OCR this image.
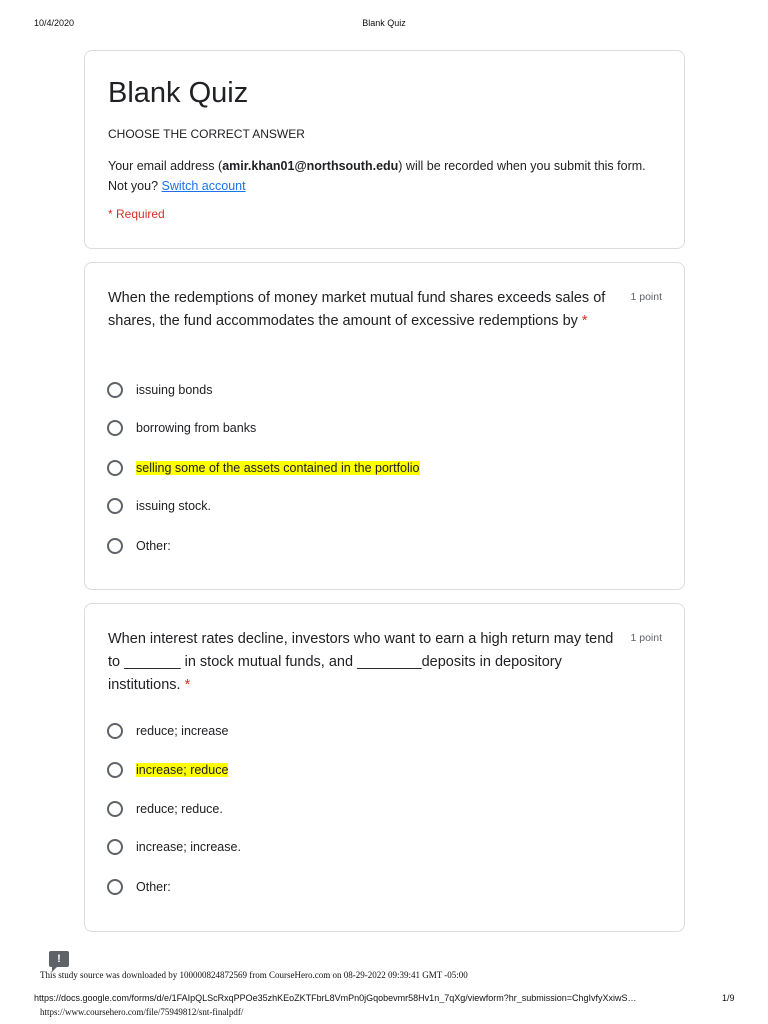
10/4/2020	Blank Quiz
Blank Quiz
CHOOSE THE CORRECT ANSWER
Your email address (amir.khan01@northsouth.edu) will be recorded when you submit this form. Not you? Switch account
* Required
When the redemptions of money market mutual fund shares exceeds sales of shares, the fund accommodates the amount of excessive redemptions by *
1 point
issuing bonds
borrowing from banks
selling some of the assets contained in the portfolio
issuing stock.
Other:
When interest rates decline, investors who want to earn a high return may tend to _______ in stock mutual funds, and ________deposits in depository institutions. *
1 point
reduce; increase
increase; reduce
reduce; reduce.
increase; increase.
Other:
!
This study source was downloaded by 100000824872569 from CourseHero.com on 08-29-2022 09:39:41 GMT -05:00
https://docs.google.com/forms/d/e/1FAIpQLScRxqPPOe35zhKEoZKTFbrL8VmPn0jGqobevmr58Hv1n_7qXg/viewform?hr_submission=ChgIvfyXxiwS…	1/9
https://www.coursehero.com/file/75949812/snt-finalpdf/
